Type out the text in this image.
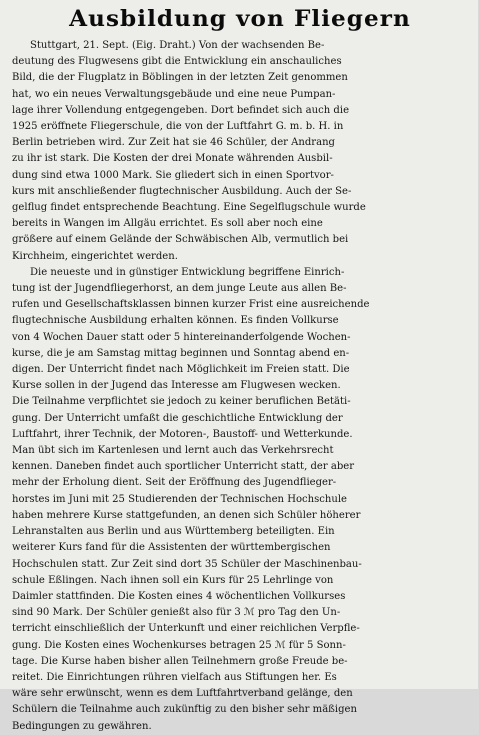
Ausbildung von Fliegern

Stuttgart, 21. Sept. (Eig. Draht.) Von der wachsenden Be-
deutung des Flugwesens gibt die Entwicklung ein anschauliches
Bild, die der Flugplatz in Böblingen in der letzten Zeit genommen
hat, wo ein neues Verwaltungsgebäude und eine neue Pumpan-
lage ihrer Vollendung entgegengeben. Dort befindet sich auch die
1925 eröffnete Fliegerschule, die von der Luftfahrt G. m. b. H. in
Berlin betrieben wird. Zur Zeit hat sie 46 Schüler, der Andrang
zu ihr ist stark. Die Kosten der drei Monate währenden Ausbil-
dung sind etwa 1000 Mark. Sie gliedert sich in einen Sportvor-
kurs mit anschließender flugtechnischer Ausbildung. Auch der Se-
gelflug findet entsprechende Beachtung. Eine Segelflugschule wurde
bereits in Wangen im Allgäu errichtet. Es soll aber noch eine
größere auf einem Gelände der Schwäbischen Alb, vermutlich bei
Kirchheim, eingerichtet werden.

Die neueste und in günstiger Entwicklung begriffene Einrich-
tung ist der Jugendfliegerhorst, an dem junge Leute aus allen Be-
rufen und Gesellschaftsklassen binnen kurzer Frist eine ausreichende
flugtechnische Ausbildung erhalten können. Es finden Vollkurse
von 4 Wochen Dauer statt oder 5 hintereinanderfolgende Wochen-
kurse, die je am Samstag mittag beginnen und Sonntag abend en-
digen. Der Unterricht findet nach Möglichkeit im Freien statt. Die
Kurse sollen in der Jugend das Interesse am Flugwesen wecken.
Die Teilnahme verpflichtet sie jedoch zu keiner beruflichen Betäti-
gung. Der Unterricht umfaßt die geschichtliche Entwicklung der
Luftfahrt, ihrer Technik, der Motoren-, Baustoff- und Wetterkunde.
Man übt sich im Kartenlesen und lernt auch das Verkehrsrecht
kennen. Daneben findet auch sportlicher Unterricht statt, der aber
mehr der Erholung dient. Seit der Eröffnung des Jugendflieger-
horstes im Juni mit 25 Studierenden der Technischen Hochschule
haben mehrere Kurse stattgefunden, an denen sich Schüler höherer
Lehranstalten aus Berlin und aus Württemberg beteiligten. Ein
weiterer Kurs fand für die Assistenten der württembergischen
Hochschulen statt. Zur Zeit sind dort 35 Schüler der Maschinenbau-
schule Eßlingen. Nach ihnen soll ein Kurs für 25 Lehrlinge von
Daimler stattfinden. Die Kosten eines 4 wöchentlichen Vollkurses
sind 90 Mark. Der Schüler genießt also für 3 ℳ pro Tag den Un-
terricht einschließlich der Unterkunft und einer reichlichen Verpfle-
gung. Die Kosten eines Wochenkurses betragen 25 ℳ für 5 Sonn-
tage. Die Kurse haben bisher allen Teilnehmern große Freude be-
reitet. Die Einrichtungen rühren vielfach aus Stiftungen her. Es
wäre sehr erwünscht, wenn es dem Luftfahrtverband gelänge, den
Schülern die Teilnahme auch zukünftig zu den bisher sehr mäßigen
Bedingungen zu gewähren.
